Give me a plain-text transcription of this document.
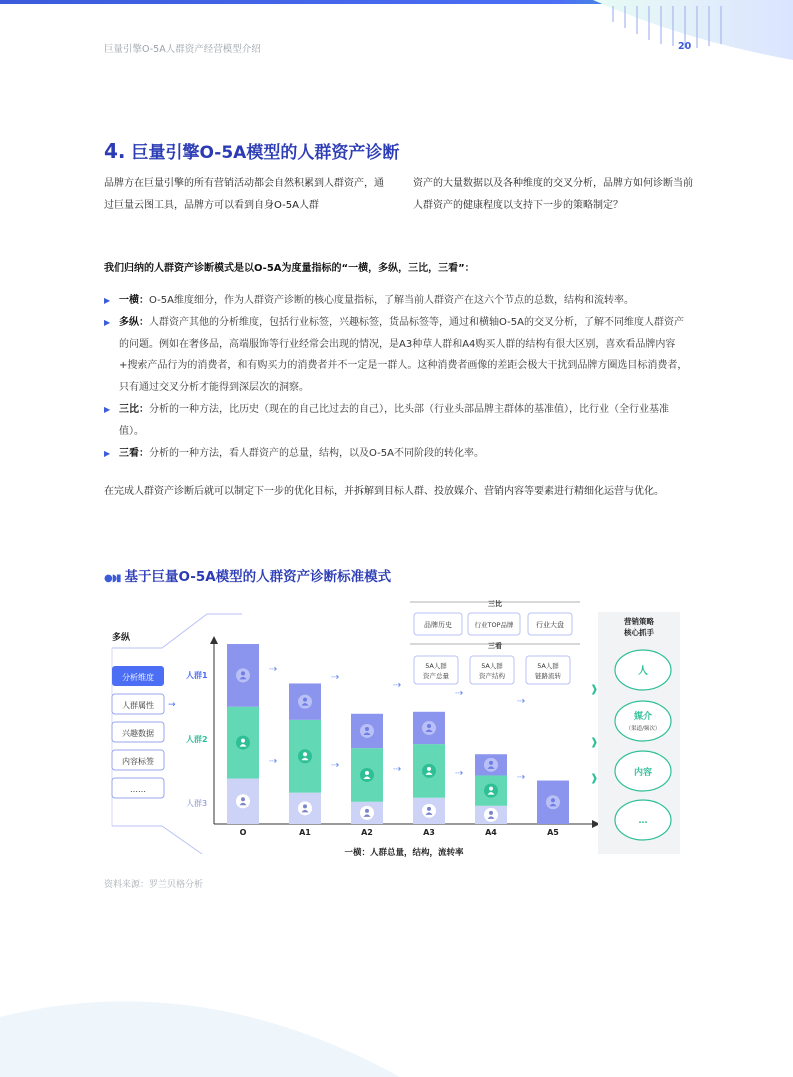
巨量引擎O-5A人群资产经营模型介绍	20
4. 巨量引擎O-5A模型的人群资产诊断
品牌方在巨量引擎的所有营销活动都会自然积累到人群资产，通过巨量云图工具，品牌方可以看到自身O-5A人群
资产的大量数据以及各种维度的交叉分析，品牌方如何诊断当前人群资产的健康程度以支持下一步的策略制定？
我们归纳的人群资产诊断模式是以O-5A为度量指标的“一横，多纵，三比，三看”：
▶ 一横：O-5A维度细分，作为人群资产诊断的核心度量指标，了解当前人群资产在这六个节点的总数，结构和流转率。
▶ 多纵：人群资产其他的分析维度，包括行业标签，兴趣标签，货品标签等，通过和横轴O-5A的交叉分析，了解不同维度人群资产的问题。例如在奢侈品，高端服饰等行业经常会出现的情况，是A3种草人群和A4购买人群的结构有很大区别，喜欢看品牌内容+搜索产品行为的消费者，和有购买力的消费者并不一定是一群人。这种消费者画像的差距会极大干扰到品牌方圈选目标消费者，只有通过交叉分析才能得到深层次的洞察。
▶ 三比：分析的一种方法，比历史（现在的自己比过去的自己），比头部（行业头部品牌主群体的基准值），比行业（全行业基准值）。
▶ 三看：分析的一种方法，看人群资产的总量，结构，以及O-5A不同阶段的转化率。
在完成人群资产诊断后就可以制定下一步的优化目标，并拆解到目标人群、投放媒介、营销内容等要素进行精细化运营与优化。
●◗▮ 基于巨量O-5A模型的人群资产诊断标准模式
多纵
分析维度
人群属性 →
兴趣数据
内容标签
……
人群1
人群2
人群3
一横：人群总量，结构，流转率
O
⇢
⇢
A1
⇢
⇢
A2
⇢
⇢
A3
⇢
⇢
A4
⇢
⇢
A5
三比
品牌历史	行业TOP品牌	行业大盘
三看
5A人群
资产总量
5A人群
资产结构
5A人群
链路流转
❱
❱
❱
营销策略
核心抓手
人
媒介
（渠道/频次）
内容
…
资料来源：罗兰贝格分析
